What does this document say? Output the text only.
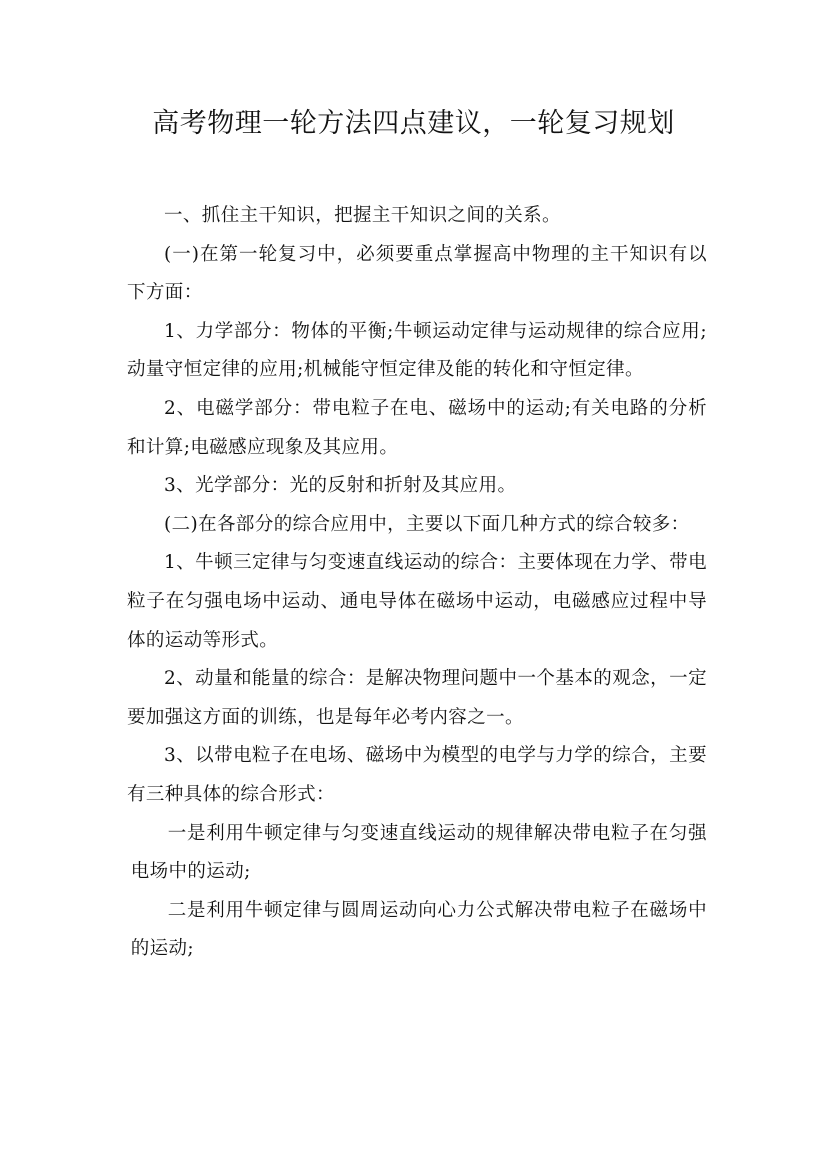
高考物理一轮方法四点建议，一轮复习规划

一、抓住主干知识，把握主干知识之间的关系。

(一)在第一轮复习中，必须要重点掌握高中物理的主干知识有以下方面：

1、力学部分：物体的平衡;牛顿运动定律与运动规律的综合应用;动量守恒定律的应用;机械能守恒定律及能的转化和守恒定律。

2、电磁学部分：带电粒子在电、磁场中的运动;有关电路的分析和计算;电磁感应现象及其应用。

3、光学部分：光的反射和折射及其应用。

(二)在各部分的综合应用中，主要以下面几种方式的综合较多：

1、牛顿三定律与匀变速直线运动的综合：主要体现在力学、带电粒子在匀强电场中运动、通电导体在磁场中运动，电磁感应过程中导体的运动等形式。

2、动量和能量的综合：是解决物理问题中一个基本的观念，一定要加强这方面的训练，也是每年必考内容之一。

3、以带电粒子在电场、磁场中为模型的电学与力学的综合，主要有三种具体的综合形式：

一是利用牛顿定律与匀变速直线运动的规律解决带电粒子在匀强电场中的运动;

二是利用牛顿定律与圆周运动向心力公式解决带电粒子在磁场中的运动;
